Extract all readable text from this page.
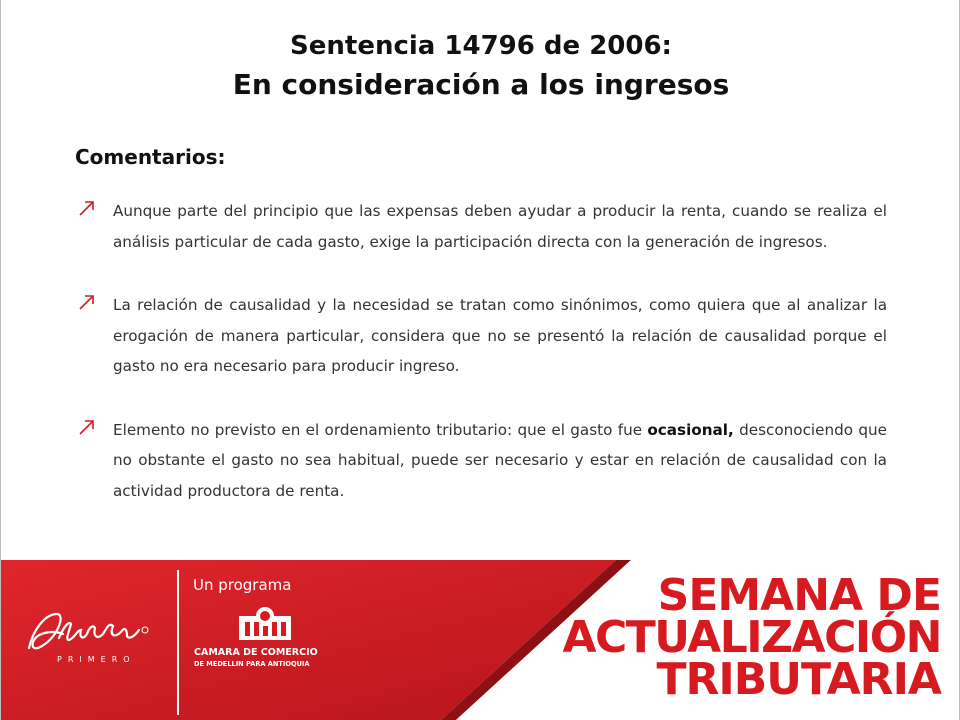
Sentencia 14796 de 2006:
En consideración a los ingresos
Comentarios:
Aunque parte del principio que las expensas deben ayudar a producir la renta, cuando se realiza el análisis particular de cada gasto, exige la participación directa con la generación de ingresos.
La relación de causalidad y la necesidad se tratan como sinónimos, como quiera que al analizar la erogación de manera particular, considera que no se presentó la relación de causalidad porque el gasto no era necesario para producir ingreso.
Elemento no previsto en el ordenamiento tributario: que el gasto fue ocasional, desconociendo que no obstante el gasto no sea habitual, puede ser necesario y estar en relación de causalidad con la actividad productora de renta.
PRIMERO
Un programa
CAMARA DE COMERCIO
DE MEDELLIN PARA ANTIOQUIA
SEMANA DE
ACTUALIZACIÓN
TRIBUTARIA
